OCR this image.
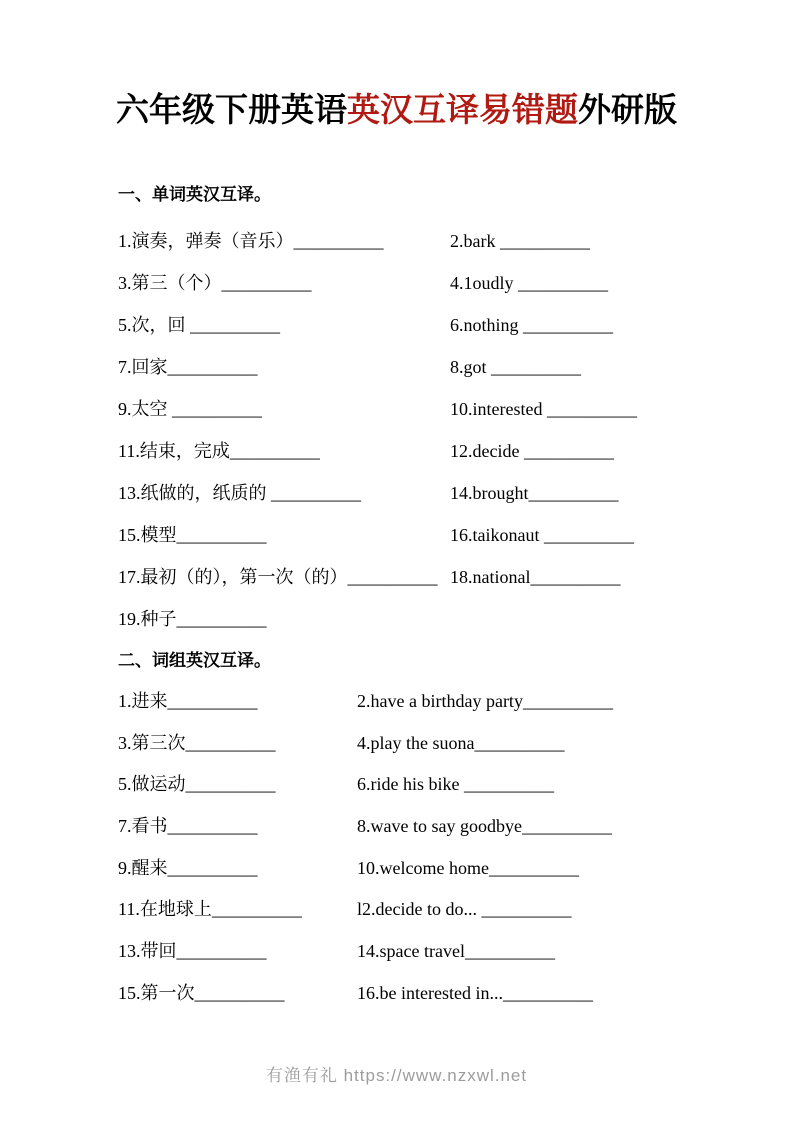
六年级下册英语英汉互译易错题外研版
一、单词英汉互译。
1.演奏，弹奏（音乐）__________	2.bark __________
3.第三（个）__________	4.1oudly __________
5.次，回 __________	6.nothing __________
7.回家__________	8.got __________
9.太空 __________	10.interested __________
11.结束，完成__________	12.decide __________
13.纸做的，纸质的 __________	14.brought__________
15.模型__________	16.taikonaut __________
17.最初（的），第一次（的）__________ 18.national__________
19.种子__________
二、词组英汉互译。
1.进来__________	2.have a birthday party__________
3.第三次__________	4.play the suona__________
5.做运动__________	6.ride his bike __________
7.看书__________	8.wave to say goodbye__________
9.醒来__________	10.welcome home__________
11.在地球上__________	l2.decide to do... __________
13.带回__________	14.space travel__________
15.第一次__________	16.be interested in...__________
有渔有礼 https://www.nzxwl.net
